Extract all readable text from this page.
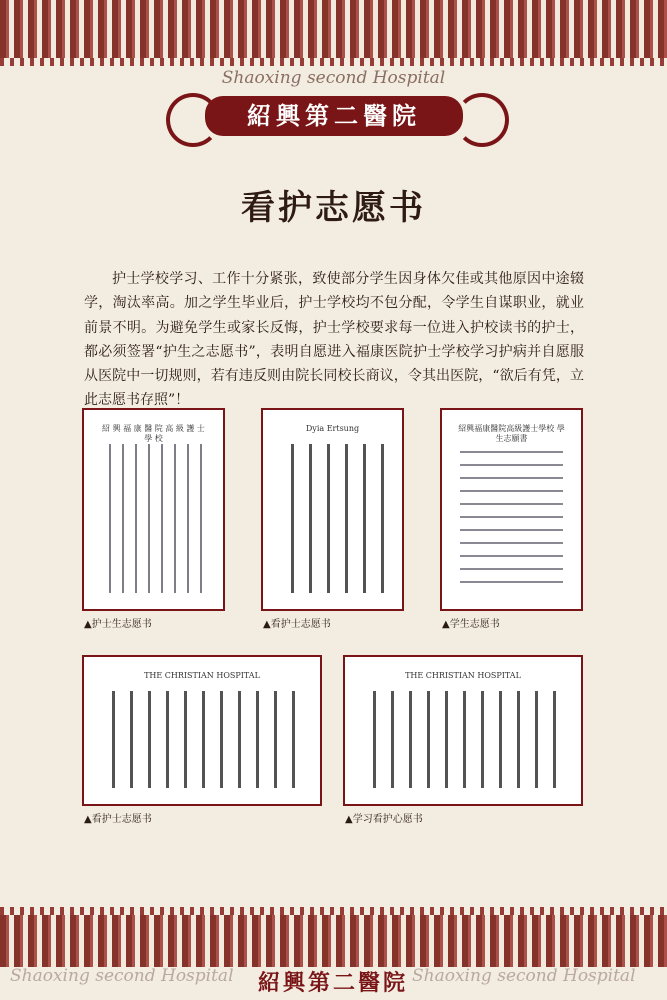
Shaoxing second Hospital
紹興第二醫院
看护志愿书

护士学校学习、工作十分紧张，致使部分学生因身体欠佳或其他原因中途辍学，淘汰率高。加之学生毕业后，护士学校均不包分配，令学生自谋职业，就业前景不明。为避免学生或家长反悔，护士学校要求每一位进入护校读书的护士，都必须签署“护生之志愿书”，表明自愿进入福康医院护士学校学习护病并自愿服从医院中一切规则，若有违反则由院长同校长商议，令其出医院，“欲后有凭，立此志愿书存照”！

紹 興 福 康 醫 院 高 級 護 士 學 校
▲护士生志愿书
Dyia Ertsung
▲看护士志愿书
紹興福康醫院高級護士學校 學生志願書
▲学生志愿书
THE CHRISTIAN HOSPITAL
▲看护士志愿书
THE CHRISTIAN HOSPITAL
▲学习看护心愿书
Shaoxing second Hospital 紹興第二醫院 Shaoxing second Hospital
